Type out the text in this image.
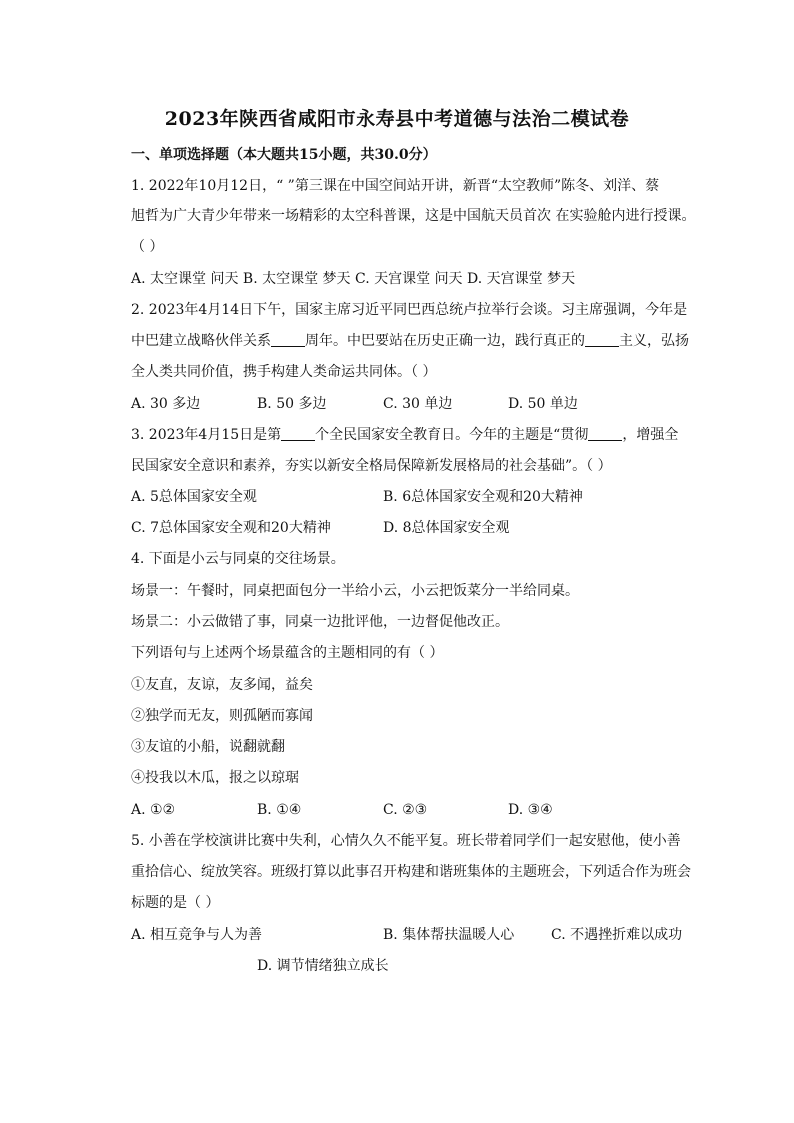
2023年陕西省咸阳市永寿县中考道德与法治二模试卷
一、单项选择题（本大题共15小题，共30.0分）
1. 2022年10月12日，“ ”第三课在中国空间站开讲，新晋“太空教师”陈冬、刘洋、蔡
旭哲为广大青少年带来一场精彩的太空科普课，这是中国航天员首次 在实验舱内进行授课。
（ ）
A. 太空课堂 问天 B. 太空课堂 梦天 C. 天宫课堂 问天 D. 天宫课堂 梦天
2. 2023年4月14日下午，国家主席习近平同巴西总统卢拉举行会谈。习主席强调，今年是
中巴建立战略伙伴关系 周年。中巴要站在历史正确一边，践行真正的 主义，弘扬
全人类共同价值，携手构建人类命运共同体。（ ）
A. 30 多边	B. 50 多边	C. 30 单边	D. 50 单边
3. 2023年4月15日是第 个全民国家安全教育日。今年的主题是“贯彻 ，增强全
民国家安全意识和素养，夯实以新安全格局保障新发展格局的社会基础”。（ ）
A. 5总体国家安全观	B. 6总体国家安全观和20大精神
C. 7总体国家安全观和20大精神	D. 8总体国家安全观
4. 下面是小云与同桌的交往场景。
场景一：午餐时，同桌把面包分一半给小云，小云把饭菜分一半给同桌。
场景二：小云做错了事，同桌一边批评他，一边督促他改正。
下列语句与上述两个场景蕴含的主题相同的有（ ）
①友直，友谅，友多闻，益矣
②独学而无友，则孤陋而寡闻
③友谊的小船，说翻就翻
④投我以木瓜，报之以琼琚
A. ①②	B. ①④	C. ②③	D. ③④
5. 小善在学校演讲比赛中失利，心情久久不能平复。班长带着同学们一起安慰他，使小善
重拾信心、绽放笑容。班级打算以此事召开构建和谐班集体的主题班会，下列适合作为班会
标题的是（ ）
A. 相互竞争与人为善	B. 集体帮扶温暖人心	C. 不遇挫折难以成功
D. 调节情绪独立成长
